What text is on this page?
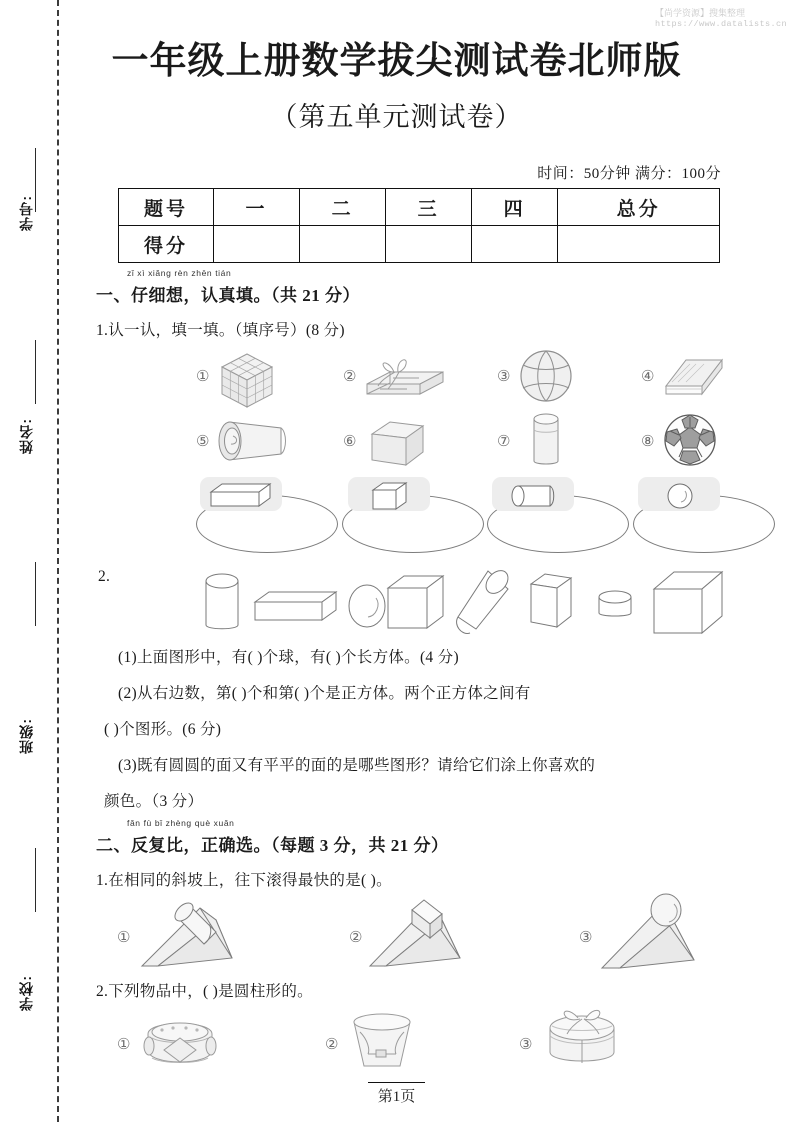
【尚学资源】搜集整理
https://www.datalists.cn
学号:
姓名:
班级:
学校:
一年级上册数学拔尖测试卷北师版
（第五单元测试卷）
时间：50分钟 满分：100分
题号	一	二	三	四	总分
得分					
zǐ xì xiǎng rèn zhēn tián
一、仔细想，认真填。（共 21 分）
1.认一认，填一填。（填序号）(8 分)
①	②	③	④
⑤	⑥	⑦	⑧
2.
(1)上面图形中，有( )个球，有( )个长方体。(4 分)
(2)从右边数，第( )个和第( )个是正方体。两个正方体之间有
( )个图形。(6 分)
(3)既有圆圆的面又有平平的面的是哪些图形？请给它们涂上你喜欢的
颜色。（3 分）
fǎn fù bǐ zhèng què xuǎn
二、反复比，正确选。（每题 3 分，共 21 分）
1.在相同的斜坡上，往下滚得最快的是( )。
①	②	③
2.下列物品中，( )是圆柱形的。
①	②	③
第1页
